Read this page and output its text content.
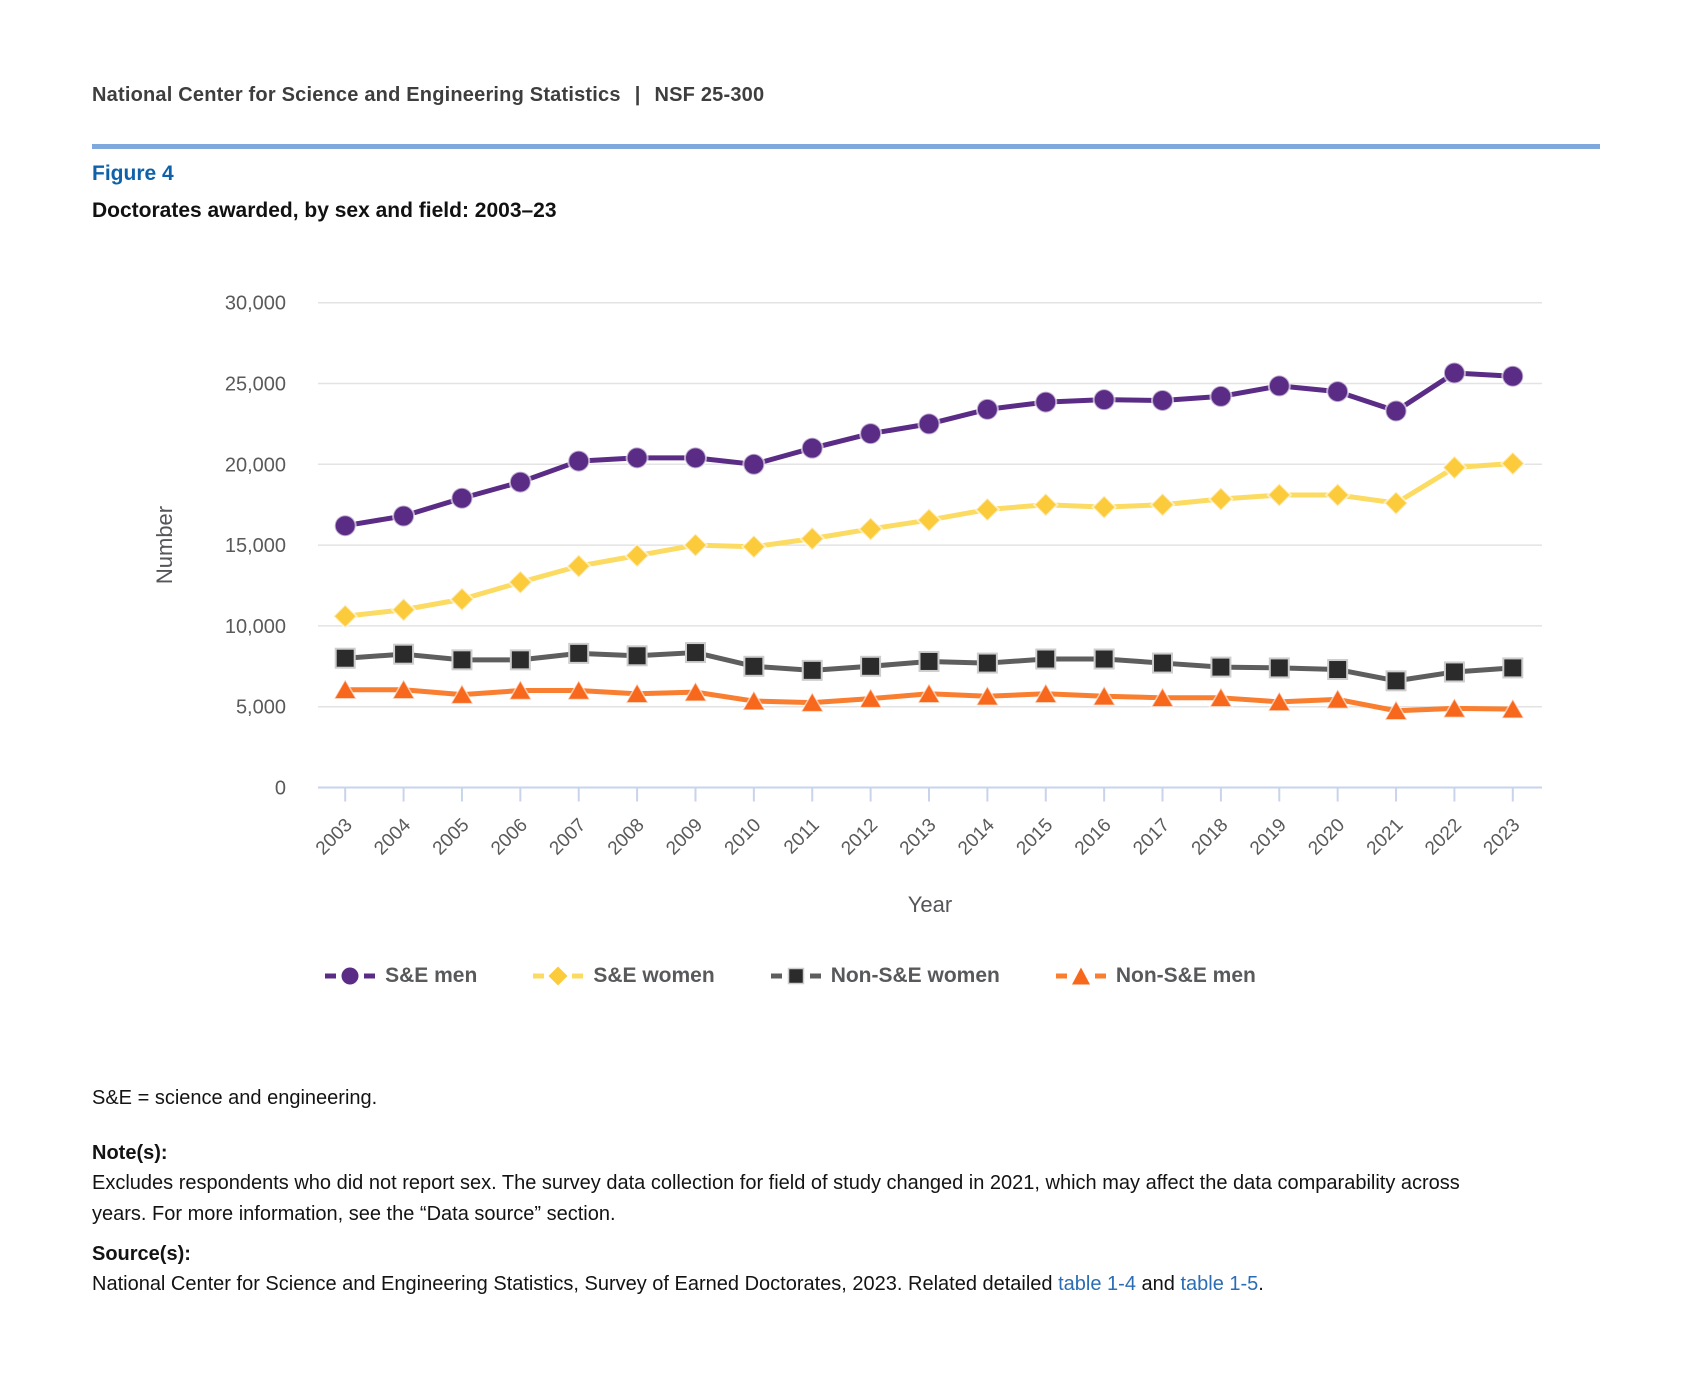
National Center for Science and Engineering Statistics | NSF 25-300

Figure 4

Doctorates awarded, by sex and field: 2003–23

0
5,000
10,000
15,000
20,000
25,000
30,000
2003 2004 2005 2006 2007 2008 2009 2010 2011 2012 2013 2014 2015 2016 2017 2018 2019 2020 2021 2022 2023
Number
Year
S&E men	S&E women	Non-S&E women	Non-S&E men

S&E = science and engineering.

Note(s):

Excludes respondents who did not report sex. The survey data collection for field of study changed in 2021, which may affect the data comparability across years. For more information, see the “Data source” section.

Source(s):

National Center for Science and Engineering Statistics, Survey of Earned Doctorates, 2023. Related detailed table 1-4 and table 1-5.
